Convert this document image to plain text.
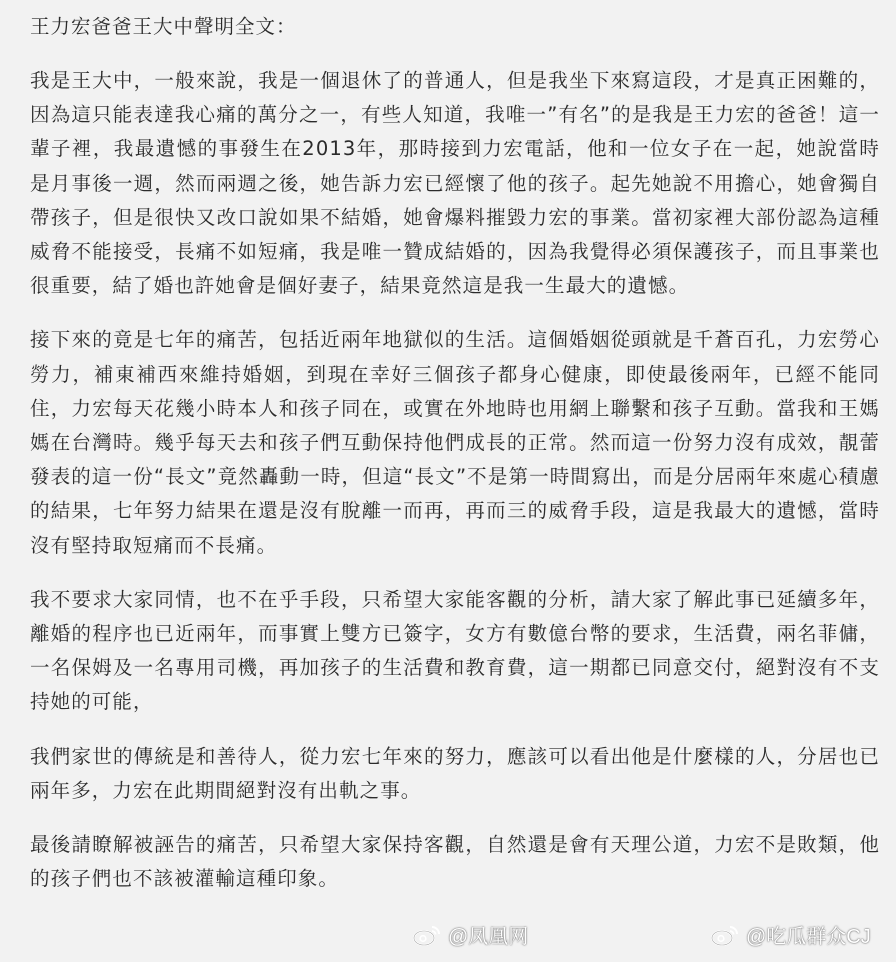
王力宏爸爸王大中聲明全文：

我是王大中，一般來說，我是一個退休了的普通人，但是我坐下來寫這段，才是真正困難的，因為這只能表達我心痛的萬分之一，有些人知道，我唯一”有名”的是我是王力宏的爸爸！這一輩子裡，我最遺憾的事發生在2013年，那時接到力宏電話，他和一位女子在一起，她說當時是月事後一週，然而兩週之後，她告訴力宏已經懷了他的孩子。起先她說不用擔心，她會獨自帶孩子，但是很快又改口說如果不結婚，她會爆料摧毀力宏的事業。當初家裡大部份認為這種威脅不能接受，長痛不如短痛，我是唯一贊成結婚的，因為我覺得必須保護孩子，而且事業也很重要，結了婚也許她會是個好妻子，結果竟然這是我一生最大的遺憾。

接下來的竟是七年的痛苦，包括近兩年地獄似的生活。這個婚姻從頭就是千蒼百孔，力宏勞心勞力，補東補西來維持婚姻，到現在幸好三個孩子都身心健康，即使最後兩年，已經不能同住，力宏每天花幾小時本人和孩子同在，或實在外地時也用網上聯繫和孩子互動。當我和王媽媽在台灣時。幾乎每天去和孩子們互動保持他們成長的正常。然而這一份努力沒有成效，靚蕾發表的這一份“長文”竟然轟動一時，但這“長文”不是第一時間寫出，而是分居兩年來處心積慮的結果，七年努力結果在還是沒有脫離一而再，再而三的威脅手段，這是我最大的遺憾，當時沒有堅持取短痛而不長痛。

我不要求大家同情，也不在乎手段，只希望大家能客觀的分析，請大家了解此事已延續多年，離婚的程序也已近兩年，而事實上雙方已簽字，女方有數億台幣的要求，生活費，兩名菲傭，一名保姆及一名專用司機，再加孩子的生活費和教育費，這一期都已同意交付，絕對沒有不支持她的可能，

我們家世的傳統是和善待人，從力宏七年來的努力，應該可以看出他是什麼樣的人，分居也已兩年多，力宏在此期間絕對沒有出軌之事。

最後請瞭解被誣告的痛苦，只希望大家保持客觀，自然還是會有天理公道，力宏不是敗類，他的孩子們也不該被灌輸這種印象。

@凤凰网	@吃瓜群众CJ
